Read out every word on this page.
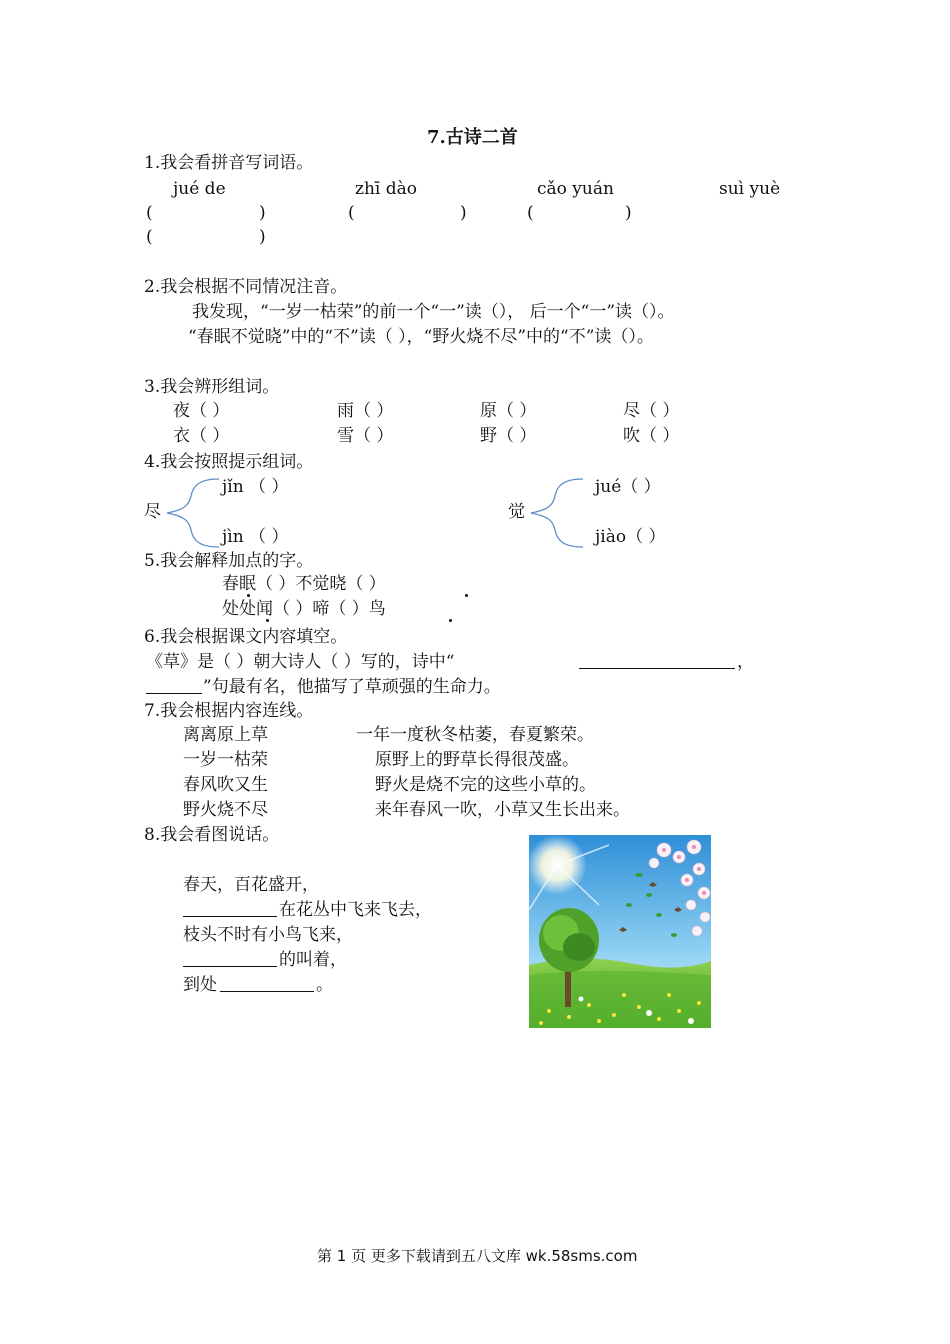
7.古诗二首
1.我会看拼音写词语。
jué de	zhī dào	cǎo yuán	suì yuè
(	)	(	)	(	)
(	)
2.我会根据不同情况注音。
我发现，“一岁一枯荣”的前一个“一”读（）， 后一个“一”读（）。
“春眠不觉晓”中的“不”读（ ），“野火烧不尽”中的“不”读（）。
3.我会辨形组词。
夜（ ）	雨（ ）	原（ ）	尽（ ）
衣（ ）	雪（ ）	野（ ）	吹（ ）
4.我会按照提示组词。
尽
jǐn （ ）
jìn （ ）
觉
jué（ ）
jiào（ ）
5.我会解释加点的字。
春眠（ ）不觉晓（ ）
处处闻（ ）啼（ ）鸟
6.我会根据课文内容填空。
《草》是（ ）朝大诗人（ ）写的，诗中“	，
”句最有名，他描写了草顽强的生命力。
7.我会根据内容连线。
离离原上草
一岁一枯荣
春风吹又生
野火烧不尽
一年一度秋冬枯萎，春夏繁荣。
原野上的野草长得很茂盛。
野火是烧不完的这些小草的。
来年春风一吹，小草又生长出来。
8.我会看图说话。
春天，百花盛开，
在花丛中飞来飞去，
枝头不时有小鸟飞来，
的叫着，
到处	。
第 1 页 更多下载请到五八文库 wk.58sms.com
